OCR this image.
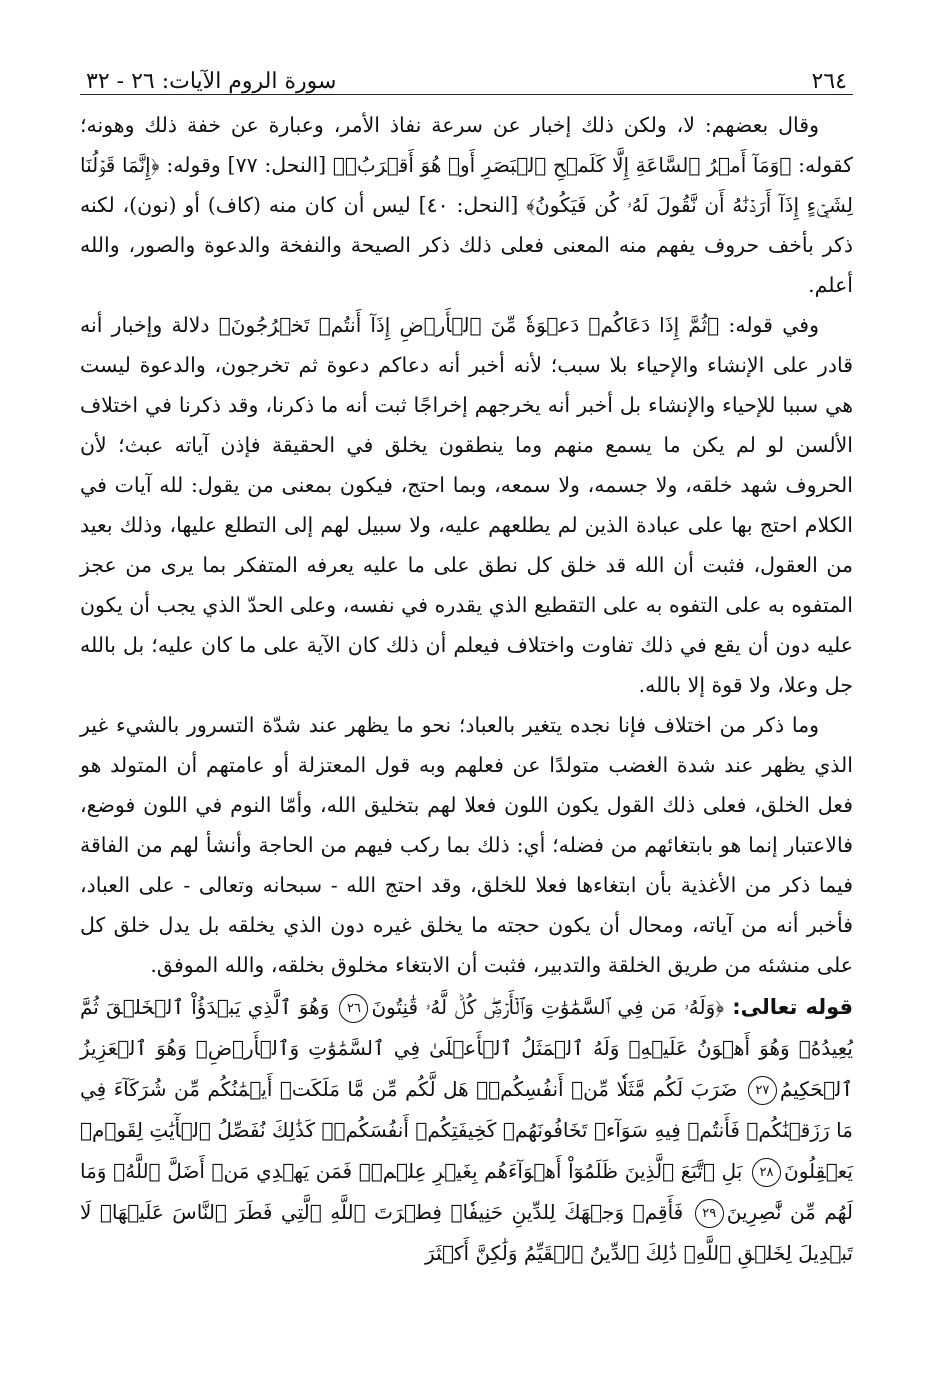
٢٦٤
سورة الروم الآيات: ٢٦ - ٣٢

وقال بعضهم: لا، ولكن ذلك إخبار عن سرعة نفاذ الأمر، وعبارة عن خفة ذلك وهونه؛ كقوله: ﴿وَمَآ أَمۡرُ ٱلسَّاعَةِ إِلَّا كَلَمۡحِ ٱلۡبَصَرِ أَوۡ هُوَ أَقۡرَبُۚ﴾ [النحل: ٧٧] وقوله: ﴿إِنَّمَا قَوۡلُنَا لِشَيۡءٍ إِذَآ أَرَدۡنَٰهُ أَن نَّقُولَ لَهُۥ كُن فَيَكُونُ﴾ [النحل: ٤٠] ليس أن كان منه (كاف) أو (نون)، لكنه ذكر بأخف حروف يفهم منه المعنى فعلى ذلك ذكر الصيحة والنفخة والدعوة والصور، والله أعلم.

وفي قوله: ﴿ثُمَّ إِذَا دَعَاكُمۡ دَعۡوَةٗ مِّنَ ٱلۡأَرۡضِ إِذَآ أَنتُمۡ تَخۡرُجُونَ﴾ دلالة وإخبار أنه قادر على الإنشاء والإحياء بلا سبب؛ لأنه أخبر أنه دعاكم دعوة ثم تخرجون، والدعوة ليست هي سببا للإحياء والإنشاء بل أخبر أنه يخرجهم إخراجًا ثبت أنه ما ذكرنا، وقد ذكرنا في اختلاف الألسن لو لم يكن ما يسمع منهم وما ينطقون يخلق في الحقيقة فإذن آياته عبث؛ لأن الحروف شهد خلقه، ولا جسمه، ولا سمعه، وبما احتج، فيكون بمعنى من يقول: لله آيات في الكلام احتج بها على عبادة الذين لم يطلعهم عليه، ولا سبيل لهم إلى التطلع عليها، وذلك بعيد من العقول، فثبت أن الله قد خلق كل نطق على ما عليه يعرفه المتفكر بما يرى من عجز المتفوه به على التفوه به على التقطيع الذي يقدره في نفسه، وعلى الحدّ الذي يجب أن يكون عليه دون أن يقع في ذلك تفاوت واختلاف فيعلم أن ذلك كان الآية على ما كان عليه؛ بل بالله جل وعلا، ولا قوة إلا بالله.

وما ذكر من اختلاف فإنا نجده يتغير بالعباد؛ نحو ما يظهر عند شدّة التسرور بالشيء غير الذي يظهر عند شدة الغضب متولدًا عن فعلهم وبه قول المعتزلة أو عامتهم أن المتولد هو فعل الخلق، فعلى ذلك القول يكون اللون فعلا لهم بتخليق الله، وأمّا النوم في اللون فوضع، فالاعتبار إنما هو بابتغائهم من فضله؛ أي: ذلك بما ركب فيهم من الحاجة وأنشأ لهم من الفاقة فيما ذكر من الأغذية بأن ابتغاءها فعلا للخلق، وقد احتج الله - سبحانه وتعالى - على العباد، فأخبر أنه من آياته، ومحال أن يكون حجته ما يخلق غيره دون الذي يخلقه بل يدل خلق كل على منشئه من طريق الخلقة والتدبير، فثبت أن الابتغاء مخلوق بخلقه، والله الموفق.

قوله تعالى: ﴿وَلَهُۥ مَن فِي ٱلسَّمَٰوَٰتِ وَٱلۡأَرۡضِۖ كُلّٞ لَّهُۥ قَٰنِتُونَ٢٦ وَهُوَ ٱلَّذِي يَبۡدَؤُاْ ٱلۡخَلۡقَ ثُمَّ يُعِيدُهُۥ وَهُوَ أَهۡوَنُ عَلَيۡهِۚ وَلَهُ ٱلۡمَثَلُ ٱلۡأَعۡلَىٰ فِي ٱلسَّمَٰوَٰتِ وَٱلۡأَرۡضِۚ وَهُوَ ٱلۡعَزِيزُ ٱلۡحَكِيمُ٢٧ ضَرَبَ لَكُم مَّثَلٗا مِّنۡ أَنفُسِكُمۡۖ هَل لَّكُم مِّن مَّا مَلَكَتۡ أَيۡمَٰنُكُم مِّن شُرَكَآءَ فِي مَا رَزَقۡنَٰكُمۡ فَأَنتُمۡ فِيهِ سَوَآءٞ تَخَافُونَهُمۡ كَخِيفَتِكُمۡ أَنفُسَكُمۡۚ كَذَٰلِكَ نُفَصِّلُ ٱلۡأٓيَٰتِ لِقَوۡمٖ يَعۡقِلُونَ٢٨ بَلِ ٱتَّبَعَ ٱلَّذِينَ ظَلَمُوٓاْ أَهۡوَآءَهُم بِغَيۡرِ عِلۡمٖۖ فَمَن يَهۡدِي مَنۡ أَضَلَّ ٱللَّهُۖ وَمَا لَهُم مِّن نَّٰصِرِينَ٢٩ فَأَقِمۡ وَجۡهَكَ لِلدِّينِ حَنِيفٗاۚ فِطۡرَتَ ٱللَّهِ ٱلَّتِي فَطَرَ ٱلنَّاسَ عَلَيۡهَاۚ لَا تَبۡدِيلَ لِخَلۡقِ ٱللَّهِۚ ذَٰلِكَ ٱلدِّينُ ٱلۡقَيِّمُ وَلَٰكِنَّ أَكۡثَرَ
